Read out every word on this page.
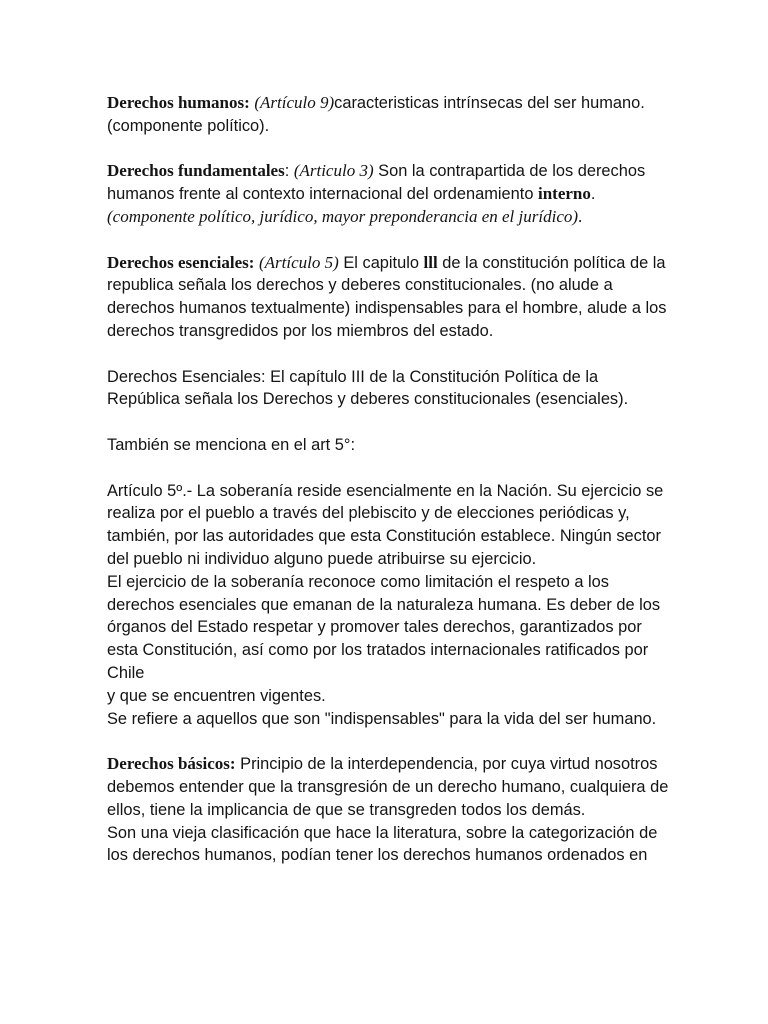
Derechos humanos: (Artículo 9)caracteristicas intrínsecas del ser humano. (componente político).

Derechos fundamentales: (Articulo 3) Son la contrapartida de los derechos humanos frente al contexto internacional del ordenamiento interno.
(componente político, jurídico, mayor preponderancia en el jurídico).

Derechos esenciales: (Artículo 5) El capitulo lll de la constitución política de la republica señala los derechos y deberes constitucionales. (no alude a derechos humanos textualmente) indispensables para el hombre, alude a los derechos transgredidos por los miembros del estado.

Derechos Esenciales: El capítulo III de la Constitución Política de la República señala los Derechos y deberes constitucionales (esenciales).

También se menciona en el art 5°:

Artículo 5º.- La soberanía reside esencialmente en la Nación. Su ejercicio se realiza por el pueblo a través del plebiscito y de elecciones periódicas y, también, por las autoridades que esta Constitución establece. Ningún sector del pueblo ni individuo alguno puede atribuirse su ejercicio.
El ejercicio de la soberanía reconoce como limitación el respeto a los derechos esenciales que emanan de la naturaleza humana. Es deber de los órganos del Estado respetar y promover tales derechos, garantizados por esta Constitución, así como por los tratados internacionales ratificados por Chile
y que se encuentren vigentes.
Se refiere a aquellos que son "indispensables" para la vida del ser humano.

Derechos básicos: Principio de la interdependencia, por cuya virtud nosotros debemos entender que la transgresión de un derecho humano, cualquiera de ellos, tiene la implicancia de que se transgreden todos los demás.
Son una vieja clasificación que hace la literatura, sobre la categorización de los derechos humanos, podían tener los derechos humanos ordenados en
